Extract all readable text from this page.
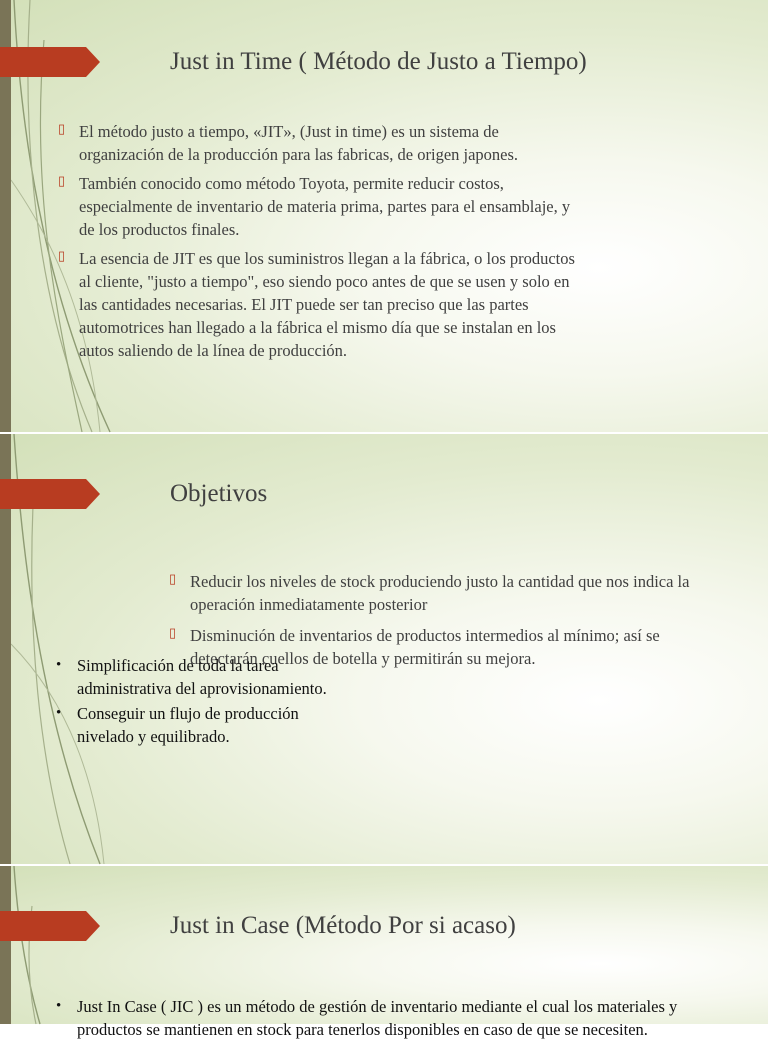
Just in Time ( Método de Justo a Tiempo)
▯ El método justo a tiempo, «JIT», (Just in time) es un sistema de organización de la producción para las fabricas, de origen japones.
▯ También conocido como método Toyota, permite reducir costos, especialmente de inventario de materia prima, partes para el ensamblaje, y de los productos finales.
▯ La esencia de JIT es que los suministros llegan a la fábrica, o los productos al cliente, "justo a tiempo", eso siendo poco antes de que se usen y solo en las cantidades necesarias. El JIT puede ser tan preciso que las partes automotrices han llegado a la fábrica el mismo día que se instalan en los autos saliendo de la línea de producción.
Objetivos
▯ Reducir los niveles de stock produciendo justo la cantidad que nos indica la operación inmediatamente posterior
▯ Disminución de inventarios de productos intermedios al mínimo; así se detectarán cuellos de botella y permitirán su mejora.
• Simplificación de toda la tarea administrativa del aprovisionamiento.
• Conseguir un flujo de producción nivelado y equilibrado.
Just in Case (Método Por si acaso)
• Just In Case ( JIC ) es un método de gestión de inventario mediante el cual los materiales y productos se mantienen en stock para tenerlos disponibles en caso de que se necesiten.
